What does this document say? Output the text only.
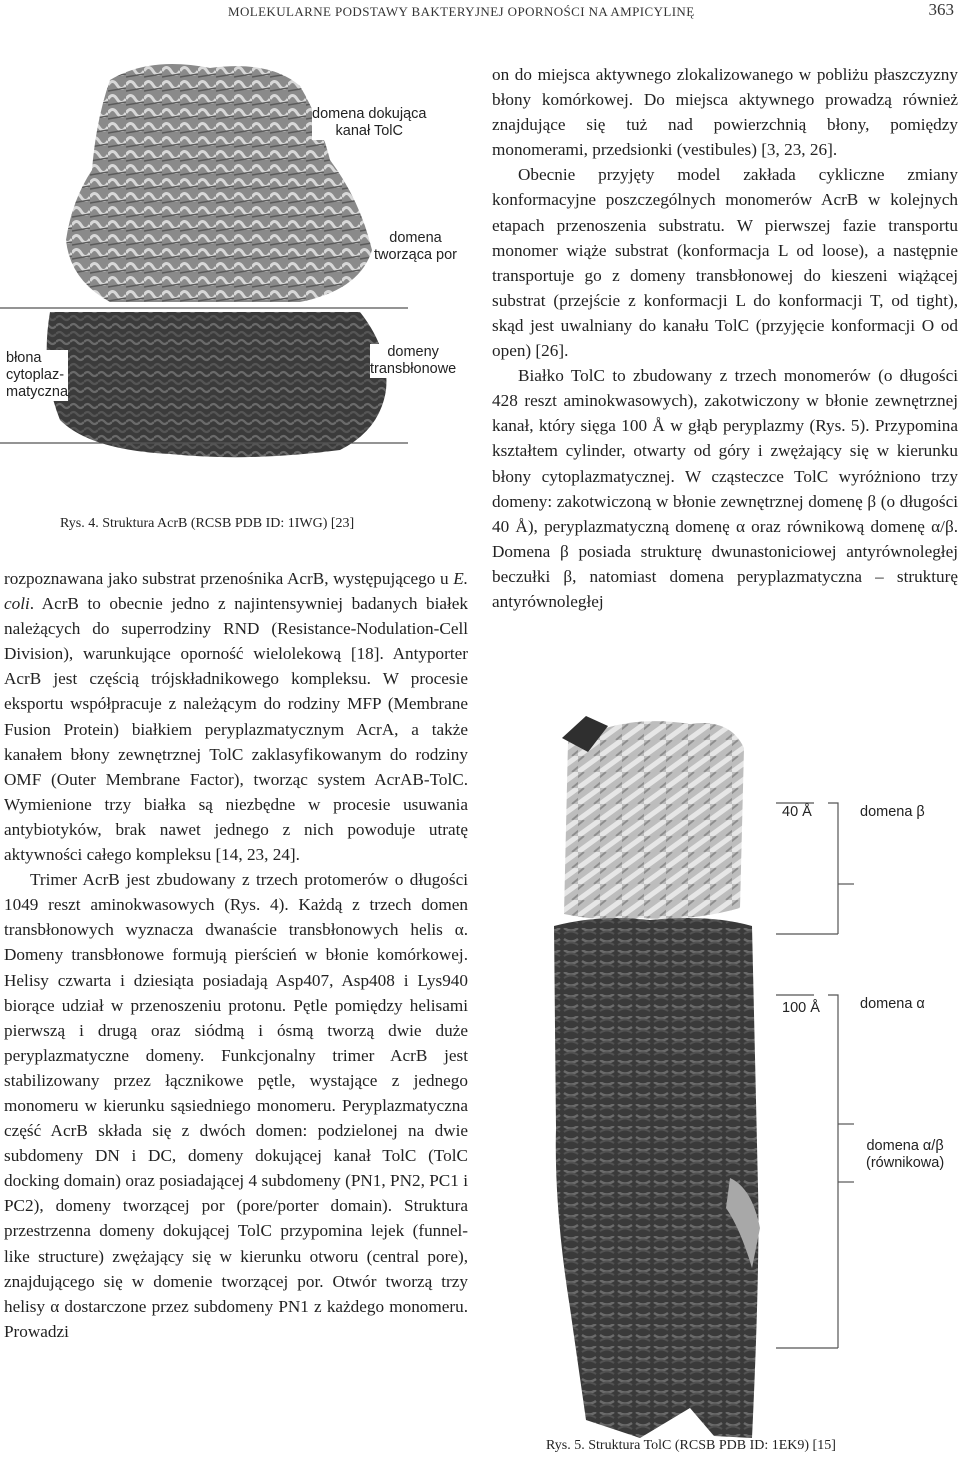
MOLEKULARNE PODSTAWY BAKTERYJNEJ OPORNOŚCI NA AMPICYLINĘ	363
domena dokująca
kanał TolC
domena
tworząca por
domeny
transbłonowe
błona
cytoplaz-
matyczna
Rys. 4. Struktura AcrB (RCSB PDB ID: 1IWG) [23]

rozpoznawana jako substrat przenośnika AcrB, występującego u E. coli. AcrB to obecnie jedno z najintensywniej badanych białek należących do superrodziny RND (Resistance-Nodulation-Cell Division), warunkujące oporność wielolekową [18]. Antyporter AcrB jest częścią trójskładnikowego kompleksu. W procesie eksportu współpracuje z należącym do rodziny MFP (Membrane Fusion Protein) białkiem peryplazmatycznym AcrA, a także kanałem błony zewnętrznej TolC zaklasyfikowanym do rodziny OMF (Outer Membrane Factor), tworząc system AcrAB-TolC. Wymienione trzy białka są niezbędne w procesie usuwania antybiotyków, brak nawet jednego z nich powoduje utratę aktywności całego kompleksu [14, 23, 24].

Trimer AcrB jest zbudowany z trzech protomerów o długości 1049 reszt aminokwasowych (Rys. 4). Każdą z trzech domen transbłonowych wyznacza dwanaście transbłonowych helis α. Domeny transbłonowe formują pierścień w błonie komórkowej. Helisy czwarta i dziesiąta posiadają Asp407, Asp408 i Lys940 biorące udział w przenoszeniu protonu. Pętle pomiędzy helisami pierwszą i drugą oraz siódmą i ósmą tworzą dwie duże peryplazmatyczne domeny. Funkcjonalny trimer AcrB jest stabilizowany przez łącznikowe pętle, wystające z jednego monomeru w kierunku sąsiedniego monomeru. Peryplazmatyczna część AcrB składa się z dwóch domen: podzielonej na dwie subdomeny DN i DC, domeny dokującej kanał TolC (TolC docking domain) oraz posiadającej 4 subdomeny (PN1, PN2, PC1 i PC2), domeny tworzącej por (pore/porter domain). Struktura przestrzenna domeny dokującej TolC przypomina lejek (funnel-like structure) zwężający się w kierunku otworu (central pore), znajdującego się w domenie tworzącej por. Otwór tworzą trzy helisy α dostarczone przez subdomeny PN1 z każdego monomeru. Prowadzi

on do miejsca aktywnego zlokalizowanego w pobliżu płaszczyzny błony komórkowej. Do miejsca aktywnego prowadzą również znajdujące się tuż nad powierzchnią błony, pomiędzy monomerami, przedsionki (vestibules) [3, 23, 26].

Obecnie przyjęty model zakłada cykliczne zmiany konformacyjne poszczególnych monomerów AcrB w kolejnych etapach przenoszenia substratu. W pierwszej fazie transportu monomer wiąże substrat (konformacja L od loose), a następnie transportuje go z domeny transbłonowej do kieszeni wiążącej substrat (przejście z konformacji L do konformacji T, od tight), skąd jest uwalniany do kanału TolC (przyjęcie konformacji O od open) [26].

Białko TolC to zbudowany z trzech monomerów (o długości 428 reszt aminokwasowych), zakotwiczony w błonie zewnętrznej kanał, który sięga 100 Å w głąb peryplazmy (Rys. 5). Przypomina kształtem cylinder, otwarty od góry i zwężający się w kierunku błony cytoplazmatycznej. W cząsteczce TolC wyróżniono trzy domeny: zakotwiczoną w błonie zewnętrznej domenę β (o długości 40 Å), peryplazmatyczną domenę α oraz równikową domenę α/β. Domena β posiada strukturę dwunastoniciowej antyrównoległej beczułki β, natomiast domena peryplazmatyczna – strukturę antyrównoległej

40 Å	domena β
100 Å	domena α
domena α/β
(równikowa)
Rys. 5. Struktura TolC (RCSB PDB ID: 1EK9) [15]
